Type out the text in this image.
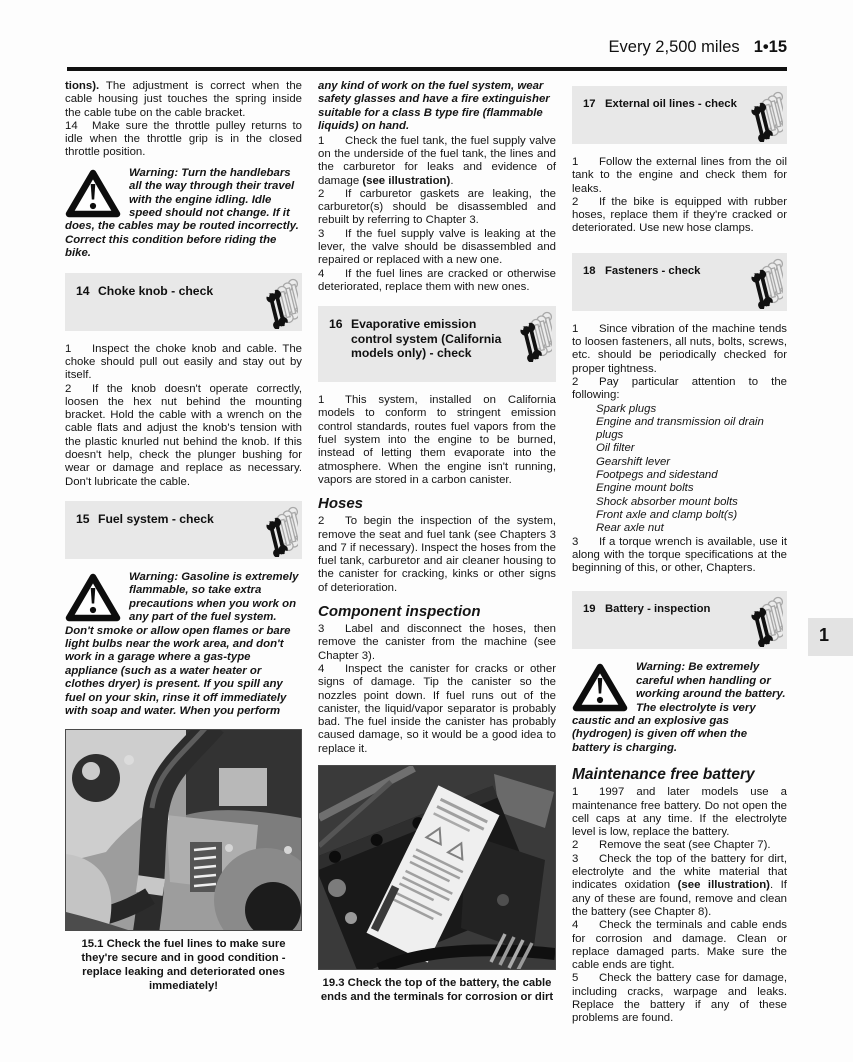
Every 2,500 miles 1•15

tions). The adjustment is correct when the cable housing just touches the spring inside the cable tube on the cable bracket.

14 Make sure the throttle pulley returns to idle when the throttle grip is in the closed throttle position.

Warning: Turn the handlebars all the way through their travel with the engine idling. Idle speed should not change. If it does, the cables may be routed incorrectly. Correct this condition before riding the bike.
14 Choke knob - check

1 Inspect the choke knob and cable. The choke should pull out easily and stay out by itself.

2 If the knob doesn't operate correctly, loosen the hex nut behind the mounting bracket. Hold the cable with a wrench on the cable flats and adjust the knob's tension with the plastic knurled nut behind the knob. If this doesn't help, check the plunger bushing for wear or damage and replace as necessary. Don't lubricate the cable.

15 Fuel system - check
Warning: Gasoline is extremely flammable, so take extra precautions when you work on any part of the fuel system. Don't smoke or allow open flames or bare light bulbs near the work area, and don't work in a garage where a gas-type appliance (such as a water heater or clothes dryer) is present. If you spill any fuel on your skin, rinse it off immediately with soap and water. When you perform
15.1 Check the fuel lines to make sure they're secure and in good condition - replace leaking and deteriorated ones immediately!

any kind of work on the fuel system, wear safety glasses and have a fire extinguisher suitable for a class B type fire (flammable liquids) on hand.

1 Check the fuel tank, the fuel supply valve on the underside of the fuel tank, the lines and the carburetor for leaks and evidence of damage (see illustration).

2 If carburetor gaskets are leaking, the carburetor(s) should be disassembled and rebuilt by referring to Chapter 3.

3 If the fuel supply valve is leaking at the lever, the valve should be disassembled and repaired or replaced with a new one.

4 If the fuel lines are cracked or otherwise deteriorated, replace them with new ones.

16 Evaporative emission control system (California models only) - check

1 This system, installed on California models to conform to stringent emission control standards, routes fuel vapors from the fuel system into the engine to be burned, instead of letting them evaporate into the atmosphere. When the engine isn't running, vapors are stored in a carbon canister.

Hoses

2 To begin the inspection of the system, remove the seat and fuel tank (see Chapters 3 and 7 if necessary). Inspect the hoses from the fuel tank, carburetor and air cleaner housing to the canister for cracking, kinks or other signs of deterioration.

Component inspection

3 Label and disconnect the hoses, then remove the canister from the machine (see Chapter 3).

4 Inspect the canister for cracks or other signs of damage. Tip the canister so the nozzles point down. If fuel runs out of the canister, the liquid/vapor separator is probably bad. The fuel inside the canister has probably caused damage, so it would be a good idea to replace it.

19.3 Check the top of the battery, the cable ends and the terminals for corrosion or dirt
17 External oil lines - check

1 Follow the external lines from the oil tank to the engine and check them for leaks.

2 If the bike is equipped with rubber hoses, replace them if they're cracked or deteriorated. Use new hose clamps.

18 Fasteners - check

1 Since vibration of the machine tends to loosen fasteners, all nuts, bolts, screws, etc. should be periodically checked for proper tightness.

2 Pay particular attention to the following:

Spark plugs
Engine and transmission oil drain plugs
Oil filter
Gearshift lever
Footpegs and sidestand
Engine mount bolts
Shock absorber mount bolts
Front axle and clamp bolt(s)
Rear axle nut

3 If a torque wrench is available, use it along with the torque specifications at the beginning of this, or other, Chapters.

19 Battery - inspection
Warning: Be extremely careful when handling or working around the battery. The electrolyte is very caustic and an explosive gas (hydrogen) is given off when the battery is charging.
Maintenance free battery

1 1997 and later models use a maintenance free battery. Do not open the cell caps at any time. If the electrolyte level is low, replace the battery.

2 Remove the seat (see Chapter 7).

3 Check the top of the battery for dirt, electrolyte and the white material that indicates oxidation (see illustration). If any of these are found, remove and clean the battery (see Chapter 8).

4 Check the terminals and cable ends for corrosion and damage. Clean or replace damaged parts. Make sure the cable ends are tight.

5 Check the battery case for damage, including cracks, warpage and leaks. Replace the battery if any of these problems are found.

1
